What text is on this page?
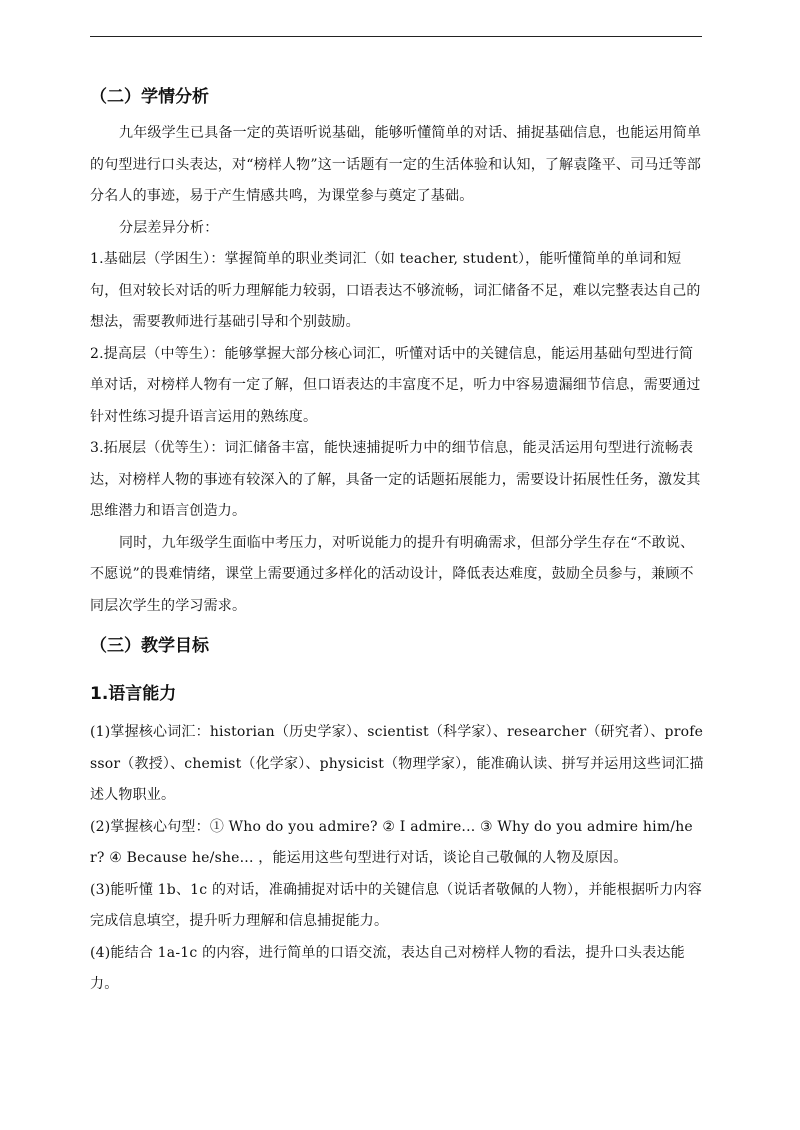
（二）学情分析

九年级学生已具备一定的英语听说基础，能够听懂简单的对话、捕捉基础信息，也能运用简单的句型进行口头表达，对“榜样人物”这一话题有一定的生活体验和认知，了解袁隆平、司马迁等部分名人的事迹，易于产生情感共鸣，为课堂参与奠定了基础。

分层差异分析：

1.基础层（学困生）：掌握简单的职业类词汇（如 teacher, student），能听懂简单的单词和短句，但对较长对话的听力理解能力较弱，口语表达不够流畅，词汇储备不足，难以完整表达自己的想法，需要教师进行基础引导和个别鼓励。

2.提高层（中等生）：能够掌握大部分核心词汇，听懂对话中的关键信息，能运用基础句型进行简单对话，对榜样人物有一定了解，但口语表达的丰富度不足，听力中容易遗漏细节信息，需要通过针对性练习提升语言运用的熟练度。

3.拓展层（优等生）：词汇储备丰富，能快速捕捉听力中的细节信息，能灵活运用句型进行流畅表达，对榜样人物的事迹有较深入的了解，具备一定的话题拓展能力，需要设计拓展性任务，激发其思维潜力和语言创造力。

同时，九年级学生面临中考压力，对听说能力的提升有明确需求，但部分学生存在“不敢说、不愿说”的畏难情绪，课堂上需要通过多样化的活动设计，降低表达难度，鼓励全员参与，兼顾不同层次学生的学习需求。

（三）教学目标
1.语言能力

(1)掌握核心词汇：historian（历史学家）、scientist（科学家）、researcher（研究者）、professor（教授）、chemist（化学家）、physicist（物理学家），能准确认读、拼写并运用这些词汇描述人物职业。

(2)掌握核心句型：① Who do you admire? ② I admire... ③ Why do you admire him/her? ④ Because he/she... ，能运用这些句型进行对话，谈论自己敬佩的人物及原因。

(3)能听懂 1b、1c 的对话，准确捕捉对话中的关键信息（说话者敬佩的人物），并能根据听力内容完成信息填空，提升听力理解和信息捕捉能力。

(4)能结合 1a-1c 的内容，进行简单的口语交流，表达自己对榜样人物的看法，提升口头表达能力。
